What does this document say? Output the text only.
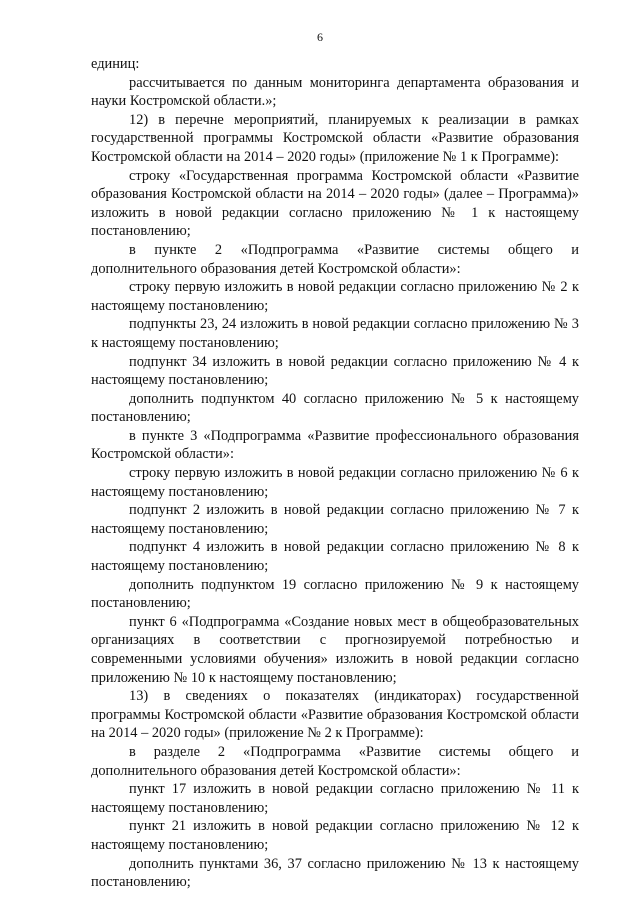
6

единиц:

рассчитывается по данным мониторинга департамента образования и науки Костромской области.»;

12) в перечне мероприятий, планируемых к реализации в рамках государственной программы Костромской области «Развитие образования Костромской области на 2014 – 2020 годы» (приложение № 1 к Программе):

строку «Государственная программа Костромской области «Развитие образования Костромской области на 2014 – 2020 годы» (далее – Программа)» изложить в новой редакции согласно приложению № 1 к настоящему постановлению;

в пункте 2 «Подпрограмма «Развитие системы общего и дополнительного образования детей Костромской области»:

строку первую изложить в новой редакции согласно приложению № 2 к настоящему постановлению;

подпункты 23, 24 изложить в новой редакции согласно приложению № 3 к настоящему постановлению;

подпункт 34 изложить в новой редакции согласно приложению № 4 к настоящему постановлению;

дополнить подпунктом 40 согласно приложению № 5 к настоящему постановлению;

в пункте 3 «Подпрограмма «Развитие профессионального образования Костромской области»:

строку первую изложить в новой редакции согласно приложению № 6 к настоящему постановлению;

подпункт 2 изложить в новой редакции согласно приложению № 7 к настоящему постановлению;

подпункт 4 изложить в новой редакции согласно приложению № 8 к настоящему постановлению;

дополнить подпунктом 19 согласно приложению № 9 к настоящему постановлению;

пункт 6 «Подпрограмма «Создание новых мест в общеобразовательных организациях в соответствии с прогнозируемой потребностью и современными условиями обучения» изложить в новой редакции согласно приложению № 10 к настоящему постановлению;

13) в сведениях о показателях (индикаторах) государственной программы Костромской области «Развитие образования Костромской области на 2014 – 2020 годы» (приложение № 2 к Программе):

в разделе 2 «Подпрограмма «Развитие системы общего и дополнительного образования детей Костромской области»:

пункт 17 изложить в новой редакции согласно приложению № 11 к настоящему постановлению;

пункт 21 изложить в новой редакции согласно приложению № 12 к настоящему постановлению;

дополнить пунктами 36, 37 согласно приложению № 13 к настоящему постановлению;
